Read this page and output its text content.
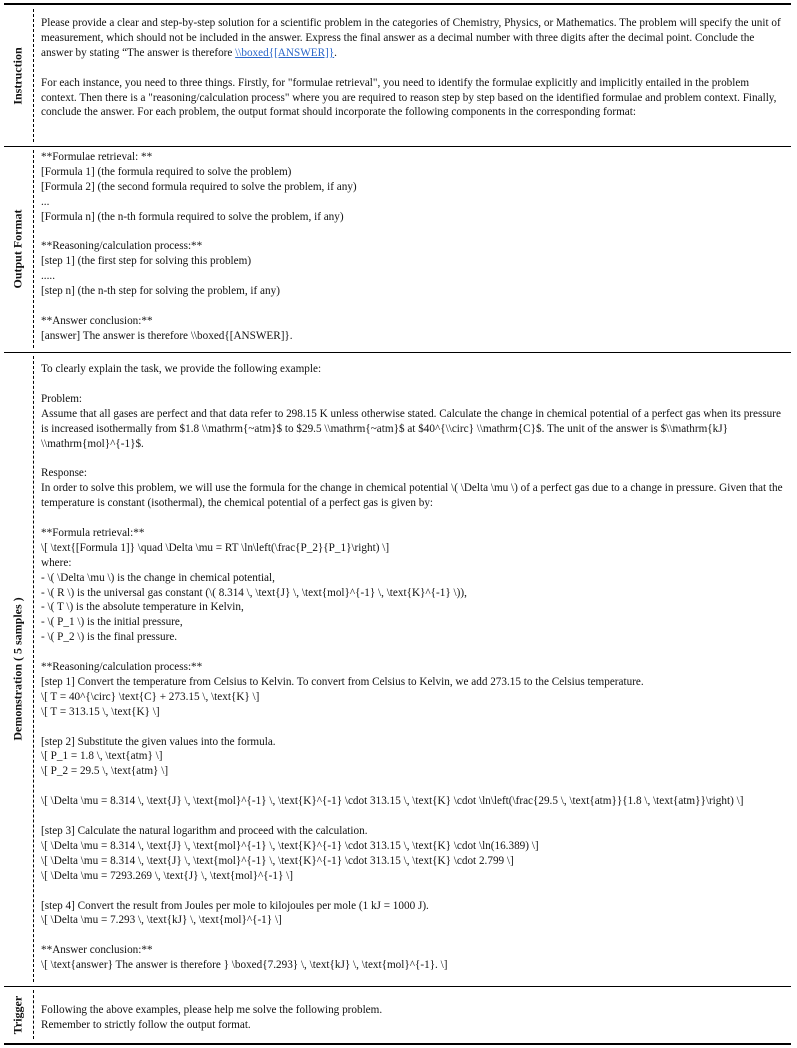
Instruction

Please provide a clear and step-by-step solution for a scientific problem in the categories of Chemistry, Physics, or Mathematics. The problem will specify the unit of measurement, which should not be included in the answer. Express the final answer as a decimal number with three digits after the decimal point. Conclude the answer by stating “The answer is therefore \\boxed{[ANSWER]}.

For each instance, you need to three things. Firstly, for "formulae retrieval", you need to identify the formulae explicitly and implicitly entailed in the problem context. Then there is a "reasoning/calculation process" where you are required to reason step by step based on the identified formulae and problem context. Finally, conclude the answer. For each problem, the output format should incorporate the following components in the corresponding format:

Output Format

**Formulae retrieval: **

[Formula 1] (the formula required to solve the problem)

[Formula 2] (the second formula required to solve the problem, if any)

...

[Formula n] (the n-th formula required to solve the problem, if any)

**Reasoning/calculation process:**

[step 1] (the first step for solving this problem)

.....

[step n] (the n-th step for solving the problem, if any)

**Answer conclusion:**

[answer] The answer is therefore \\boxed{[ANSWER]}.

Demonstration ( 5 samples )

To clearly explain the task, we provide the following example:

Problem:

Assume that all gases are perfect and that data refer to 298.15 K unless otherwise stated. Calculate the change in chemical potential of a perfect gas when its pressure is increased isothermally from $1.8 \\mathrm{~atm}$ to $29.5 \\mathrm{~atm}$ at $40^{\\circ} \\mathrm{C}$. The unit of the answer is $\\mathrm{kJ} \\mathrm{mol}^{-1}$.

Response:

In order to solve this problem, we will use the formula for the change in chemical potential \( \Delta \mu \) of a perfect gas due to a change in pressure. Given that the temperature is constant (isothermal), the chemical potential of a perfect gas is given by:

**Formula retrieval:**

\[ \text{[Formula 1]} \quad \Delta \mu = RT \ln\left(\frac{P_2}{P_1}\right) \]

where:

- \( \Delta \mu \) is the change in chemical potential,

- \( R \) is the universal gas constant (\( 8.314 \, \text{J} \, \text{mol}^{-1} \, \text{K}^{-1} \)),

- \( T \) is the absolute temperature in Kelvin,

- \( P_1 \) is the initial pressure,

- \( P_2 \) is the final pressure.

**Reasoning/calculation process:**

[step 1] Convert the temperature from Celsius to Kelvin. To convert from Celsius to Kelvin, we add 273.15 to the Celsius temperature.

\[ T = 40^{\circ} \text{C} + 273.15 \, \text{K} \]

\[ T = 313.15 \, \text{K} \]

[step 2] Substitute the given values into the formula.

\[ P_1 = 1.8 \, \text{atm} \]

\[ P_2 = 29.5 \, \text{atm} \]

\[ \Delta \mu = 8.314 \, \text{J} \, \text{mol}^{-1} \, \text{K}^{-1} \cdot 313.15 \, \text{K} \cdot \ln\left(\frac{29.5 \, \text{atm}}{1.8 \, \text{atm}}\right) \]

[step 3] Calculate the natural logarithm and proceed with the calculation.

\[ \Delta \mu = 8.314 \, \text{J} \, \text{mol}^{-1} \, \text{K}^{-1} \cdot 313.15 \, \text{K} \cdot \ln(16.389) \]

\[ \Delta \mu = 8.314 \, \text{J} \, \text{mol}^{-1} \, \text{K}^{-1} \cdot 313.15 \, \text{K} \cdot 2.799 \]

\[ \Delta \mu = 7293.269 \, \text{J} \, \text{mol}^{-1} \]

[step 4] Convert the result from Joules per mole to kilojoules per mole (1 kJ = 1000 J).

\[ \Delta \mu = 7.293 \, \text{kJ} \, \text{mol}^{-1} \]

**Answer conclusion:**

\[ \text{answer} The answer is therefore } \boxed{7.293} \, \text{kJ} \, \text{mol}^{-1}. \]

Trigger Following the above examples, please help me solve the following problem.

Remember to strictly follow the output format.
